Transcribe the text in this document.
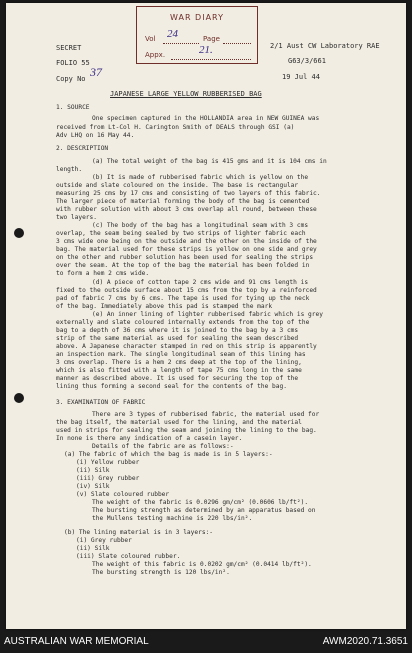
WAR DIARY
Vol 24	Page
Appx.	21.
SECRET
FOLIO 55
Copy No 37
2/1 Aust CW Laboratory RAE
G63/3/661
19 Jul 44
JAPANESE LARGE YELLOW RUBBERISED BAG
1. SOURCE
One specimen captured in the HOLLANDIA area in NEW GUINEA was
received from Lt-Col H. Carington Smith of DEALS through GSI (a)
Adv LHQ on 16 May 44.
2. DESCRIPTION
(a) The total weight of the bag is 415 gms and it is 104 cms in
length.
(b) It is made of rubberised fabric which is yellow on the
outside and slate coloured on the inside. The base is rectangular
measuring 25 cms by 17 cms and consisting of two layers of this fabric.
The larger piece of material forming the body of the bag is cemented
with rubber solution with about 3 cms overlap all round, between these
two layers.
(c) The body of the bag has a longitudinal seam with 3 cms
overlap, the seam being sealed by two strips of lighter fabric each
3 cms wide one being on the outside and the other on the inside of the
bag. The material used for these strips is yellow on one side and grey
on the other and rubber solution has been used for sealing the strips
over the seam. At the top of the bag the material has been folded in
to form a hem 2 cms wide.
(d) A piece of cotton tape 2 cms wide and 91 cms length is
fixed to the outside surface about 15 cms from the top by a reinforced
pad of fabric 7 cms by 6 cms. The tape is used for tying up the neck
of the bag. Immediately above this pad is stamped the mark
(e) An inner lining of lighter rubberised fabric which is grey
externally and slate coloured internally extends from the top of the
bag to a depth of 36 cms where it is joined to the bag by a 3 cms
strip of the same material as used for sealing the seam described
above. A Japanese character stamped in red on this strip is apparently
an inspection mark. The single longitudinal seam of this lining has
3 cms overlap. There is a hem 2 cms deep at the top of the lining,
which is also fitted with a length of tape 75 cms long in the same
manner as described above. It is used for securing the top of the
lining thus forming a second seal for the contents of the bag.
3. EXAMINATION OF FABRIC
There are 3 types of rubberised fabric, the material used for
the bag itself, the material used for the lining, and the material
used in strips for sealing the seam and joining the lining to the bag.
In none is there any indication of a casein layer.
Details of the fabric are as follows:-
(a) The fabric of which the bag is made is in 5 layers:-
(i) Yellow rubber
(ii) Silk
(iii) Grey rubber
(iv) Silk
(v) Slate coloured rubber
The weight of the fabric is 0.0296 gm/cm² (0.0606 lb/ft²).
The bursting strength as determined by an apparatus based on
the Mullens testing machine is 220 lbs/in².
(b) The lining material is in 3 layers:-
(i) Grey rubber
(ii) Silk
(iii) Slate coloured rubber.
The weight of this fabric is 0.0202 gm/cm² (0.0414 lb/ft²).
The bursting strength is 120 lbs/in².
AUSTRALIAN WAR MEMORIAL	AWM2020.71.3651
